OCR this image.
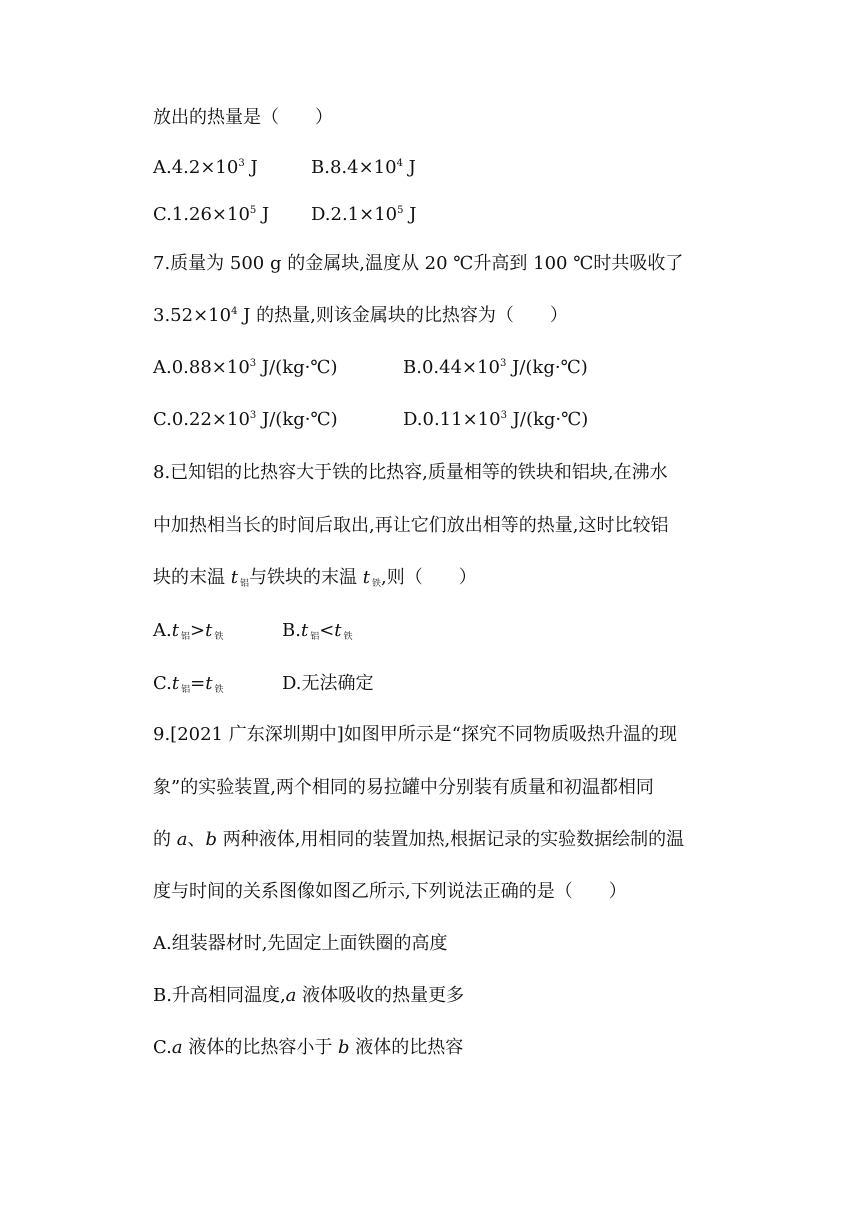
放出的热量是（　　）
$A.4.2\times 10^3$ J	$B.8.4\times 10^4$ J
$C.1.26\times 10^5$ J $D.2.1\times 10^5$ J
7.质量为 500 g 的金属块,温度从 20 ℃升高到 100 ℃时共吸收了
$3.52\times 10^4$ J 的热量,则该金属块的比热容为（　　）
$A.0.88\times 10^3$ J/(kg·℃)	$B.0.44\times 10^3$ J/(kg·℃)
$C.0.22\times 10^3$ J/(kg·℃)	$D.0.11\times 10^3$ J/(kg·℃)
8.已知铝的比热容大于铁的比热容,质量相等的铁块和铝块,在沸水
中加热相当长的时间后取出,再让它们放出相等的热量,这时比较铝
块的末温 t $_铝$与铁块的末温 t $_铁$,则（　　）
A.t $_铝$>t $_铁$	B.t $_铝$<t $_铁$
C.t $_铝$=t $_铁$	D.无法确定
9.[2021 广东深圳期中]如图甲所示是“探究不同物质吸热升温的现
象”的实验装置,两个相同的易拉罐中分别装有质量和初温都相同
的 a、b 两种液体,用相同的装置加热,根据记录的实验数据绘制的温
度与时间的关系图像如图乙所示,下列说法正确的是（　　）
A.组装器材时,先固定上面铁圈的高度
B.升高相同温度,a 液体吸收的热量更多
C.a 液体的比热容小于 b 液体的比热容
